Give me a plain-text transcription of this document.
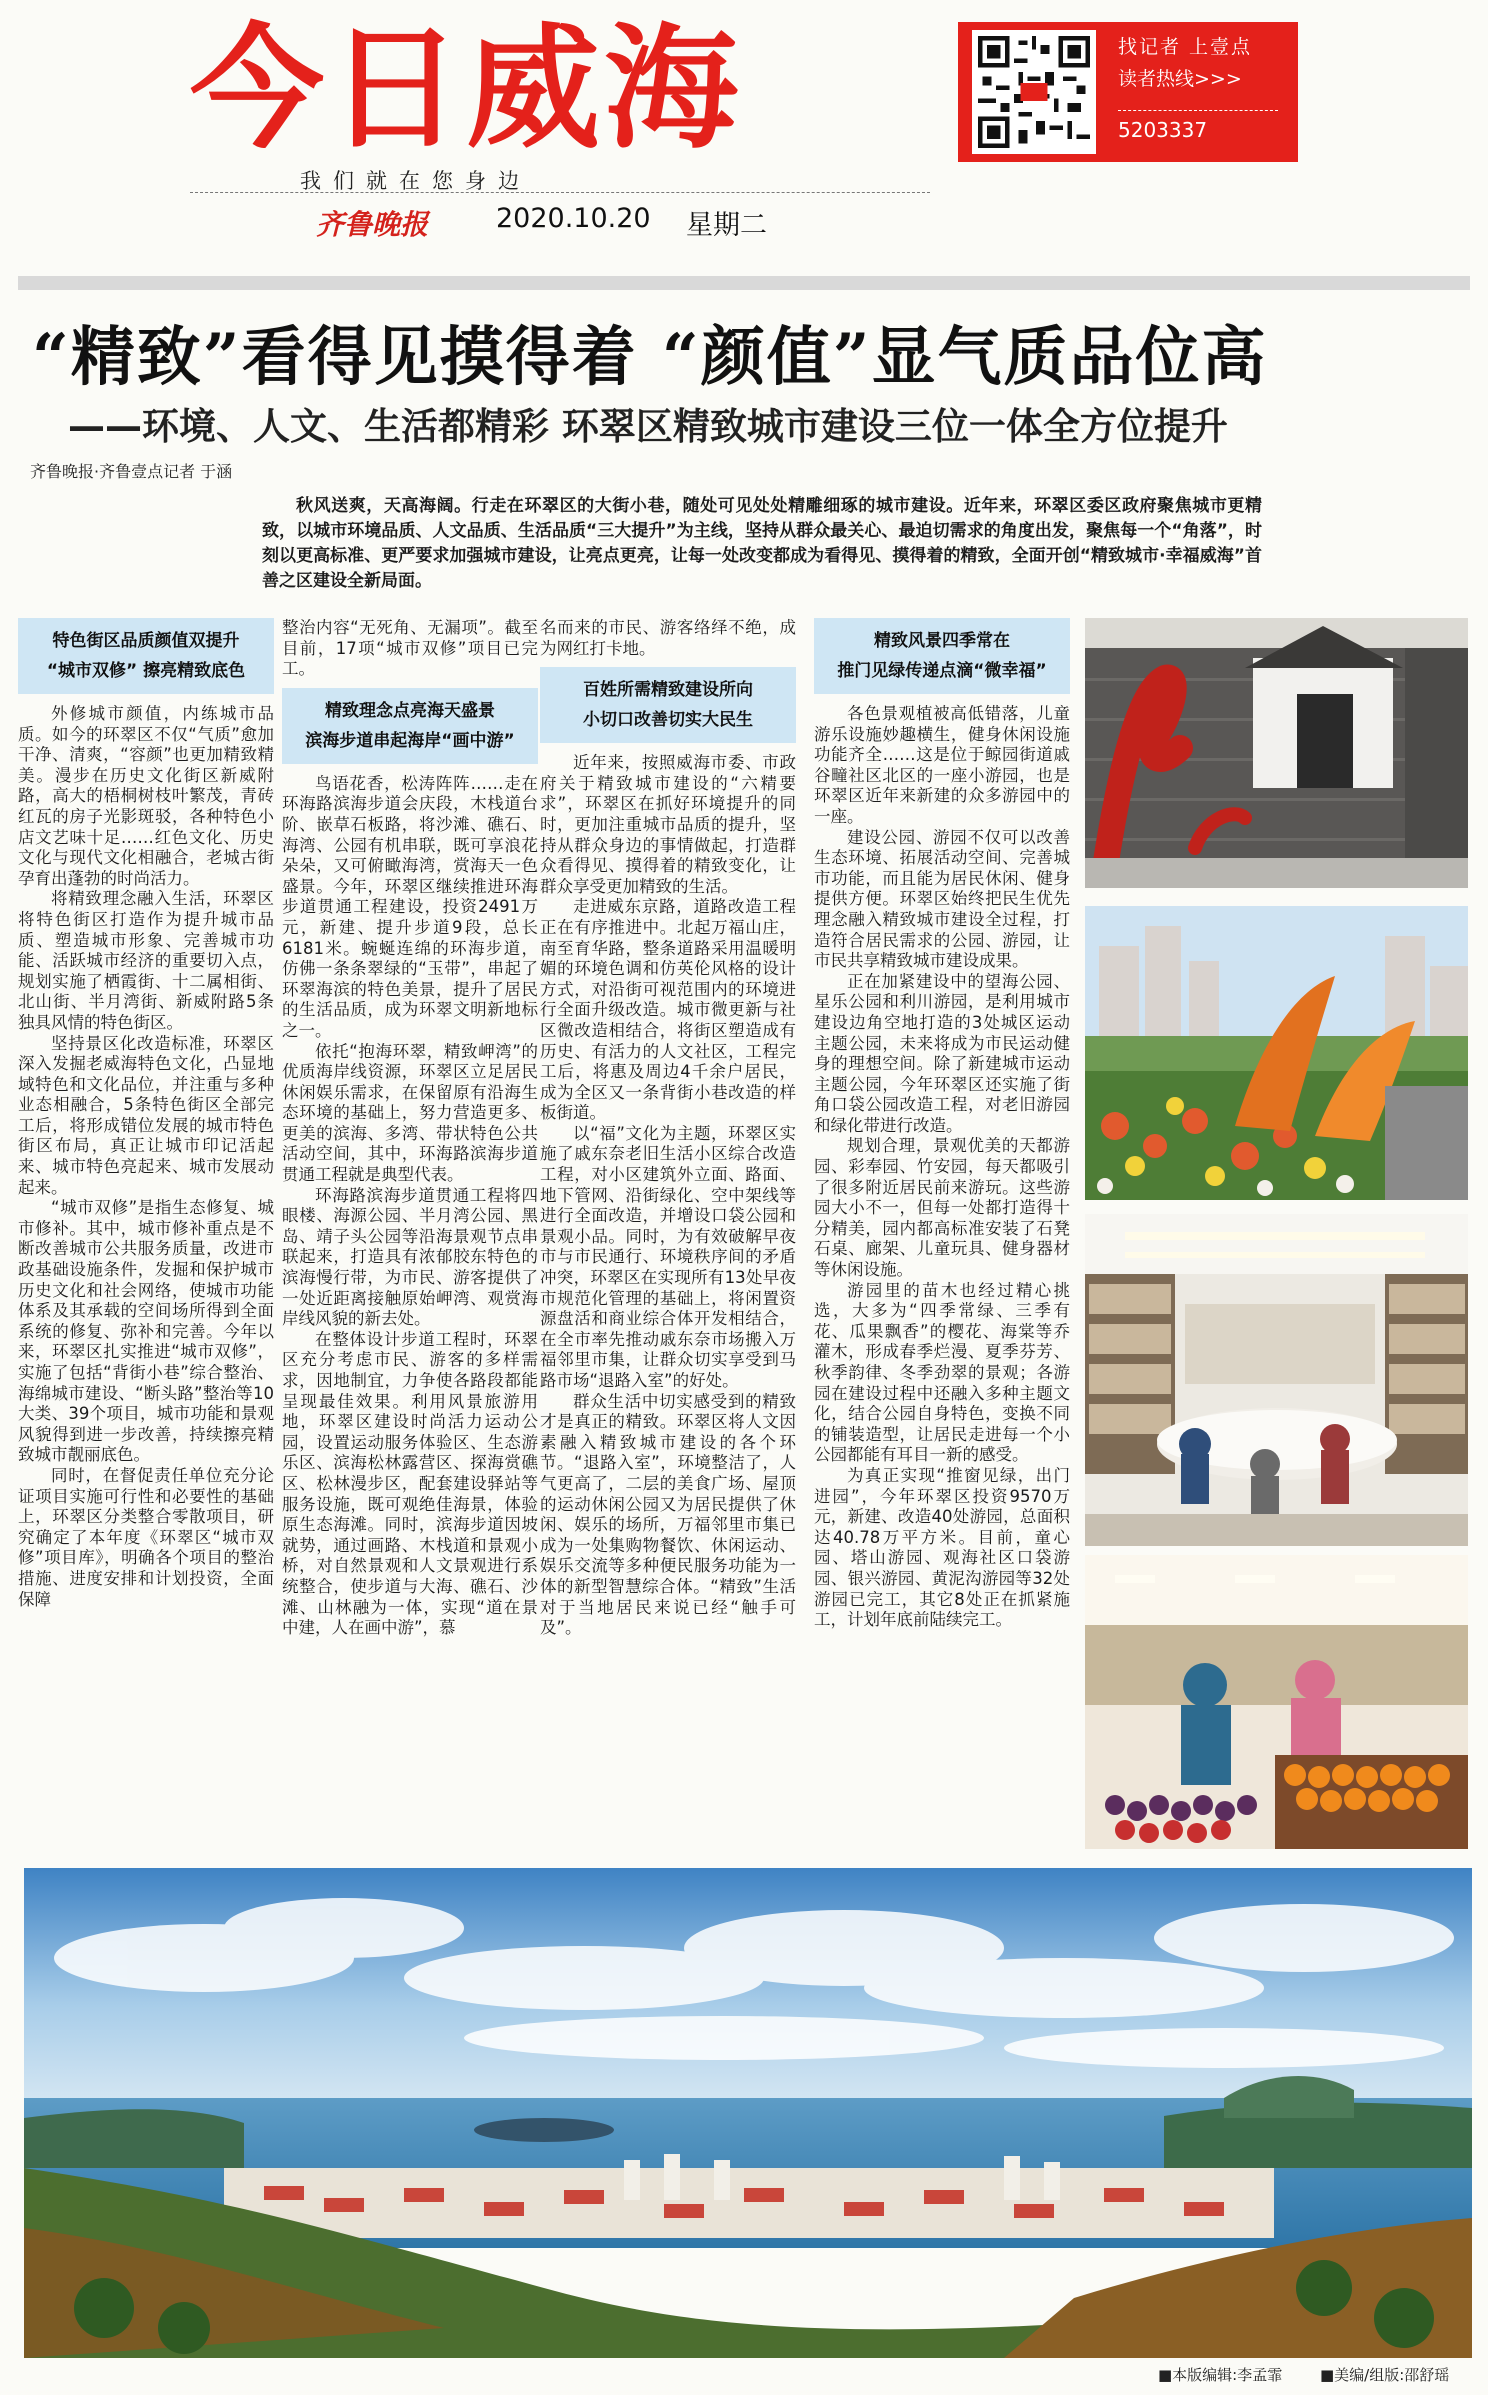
今日威海
我们就在您身边
齐鲁晚报	2020.10.20 星期二
找记者 上壹点
读者热线>>>
5203337
“精致”看得见摸得着 “颜值”显气质品位高
——环境、人文、生活都精彩 环翠区精致城市建设三位一体全方位提升
齐鲁晚报·齐鲁壹点记者 于涵

秋风送爽，天高海阔。行走在环翠区的大街小巷，随处可见处处精雕细琢的城市建设。近年来，环翠区委区政府聚焦城市更精致，以城市环境品质、人文品质、生活品质“三大提升”为主线，坚持从群众最关心、最迫切需求的角度出发，聚焦每一个“角落”，时刻以更高标准、更严要求加强城市建设，让亮点更亮，让每一处改变都成为看得见、摸得着的精致，全面开创“精致城市·幸福威海”首善之区建设全新局面。

特色街区品质颜值双提升
“城市双修” 擦亮精致底色

外修城市颜值，内练城市品质。如今的环翠区不仅“气质”愈加干净、清爽，“容颜”也更加精致精美。漫步在历史文化街区新威附路，高大的梧桐树枝叶繁茂，青砖红瓦的房子光影斑驳，各种特色小店文艺味十足……红色文化、历史文化与现代文化相融合，老城古街孕育出蓬勃的时尚活力。

将精致理念融入生活，环翠区将特色街区打造作为提升城市品质、塑造城市形象、完善城市功能、活跃城市经济的重要切入点，规划实施了栖霞街、十二属相街、北山街、半月湾街、新威附路5条独具风情的特色街区。

坚持景区化改造标准，环翠区深入发掘老威海特色文化，凸显地域特色和文化品位，并注重与多种业态相融合，5条特色街区全部完工后，将形成错位发展的城市特色街区布局，真正让城市印记活起来、城市特色亮起来、城市发展动起来。

“城市双修”是指生态修复、城市修补。其中，城市修补重点是不断改善城市公共服务质量，改进市政基础设施条件，发掘和保护城市历史文化和社会网络，使城市功能体系及其承载的空间场所得到全面系统的修复、弥补和完善。今年以来，环翠区扎实推进“城市双修”，实施了包括“背街小巷”综合整治、海绵城市建设、“断头路”整治等10大类、39个项目，城市功能和景观风貌得到进一步改善，持续擦亮精致城市靓丽底色。

同时，在督促责任单位充分论证项目实施可行性和必要性的基础上，环翠区分类整合零散项目，研究确定了本年度《环翠区“城市双修”项目库》，明确各个项目的整治措施、进度安排和计划投资，全面保障

整治内容“无死角、无漏项”。截至目前，17项“城市双修”项目已完工。

精致理念点亮海天盛景
滨海步道串起海岸“画中游”

鸟语花香，松涛阵阵……走在环海路滨海步道会庆段，木栈道台阶、嵌草石板路，将沙滩、礁石、海湾、公园有机串联，既可享浪花朵朵，又可俯瞰海湾，赏海天一色盛景。今年，环翠区继续推进环海步道贯通工程建设，投资2491万元，新建、提升步道9段，总长6181米。蜿蜒连绵的环海步道，仿佛一条条翠绿的“玉带”，串起了环翠海滨的特色美景，提升了居民的生活品质，成为环翠文明新地标之一。

依托“抱海环翠，精致岬湾”的优质海岸线资源，环翠区立足居民休闲娱乐需求，在保留原有沿海生态环境的基础上，努力营造更多、更美的滨海、多湾、带状特色公共活动空间，其中，环海路滨海步道贯通工程就是典型代表。

环海路滨海步道贯通工程将四眼楼、海源公园、半月湾公园、黑岛、靖子头公园等沿海景观节点串联起来，打造具有浓郁胶东特色的滨海慢行带，为市民、游客提供了一处近距离接触原始岬湾、观赏海岸线风貌的新去处。

在整体设计步道工程时，环翠区充分考虑市民、游客的多样需求，因地制宜，力争使各路段都能呈现最佳效果。利用风景旅游用地，环翠区建设时尚活力运动公园，设置运动服务体验区、生态游乐区、滨海松林露营区、探海赏礁区、松林漫步区，配套建设驿站等服务设施，既可观绝佳海景，体验原生态海滩。同时，滨海步道因坡就势，通过画路、木栈道和景观小桥，对自然景观和人文景观进行系统整合，使步道与大海、礁石、沙滩、山林融为一体，实现“道在景中建，人在画中游”，慕

名而来的市民、游客络绎不绝，成为网红打卡地。

百姓所需精致建设所向
小切口改善切实大民生

近年来，按照威海市委、市政府关于精致城市建设的“六精要求”，环翠区在抓好环境提升的同时，更加注重城市品质的提升，坚持从群众身边的事情做起，打造群众看得见、摸得着的精致变化，让群众享受更加精致的生活。

走进威东京路，道路改造工程正在有序推进中。北起万福山庄，南至育华路，整条道路采用温暖明媚的环境色调和仿英伦风格的设计方式，对沿街可视范围内的环境进行全面升级改造。城市微更新与社区微改造相结合，将街区塑造成有历史、有活力的人文社区，工程完工后，将惠及周边4千余户居民，成为全区又一条背街小巷改造的样板街道。

以“福”文化为主题，环翠区实施了戚东奈老旧生活小区综合改造工程，对小区建筑外立面、路面、地下管网、沿街绿化、空中架线等进行全面改造，并增设口袋公园和景观小品。同时，为有效破解早夜市与市民通行、环境秩序间的矛盾冲突，环翠区在实现所有13处早夜市规范化管理的基础上，将闲置资源盘活和商业综合体开发相结合，在全市率先推动戚东奈市场搬入万福邻里市集，让群众切实享受到马路市场“退路入室”的好处。

群众生活中切实感受到的精致才是真正的精致。环翠区将人文因素融入精致城市建设的各个环节。“退路入室”，环境整洁了，人气更高了，二层的美食广场、屋顶的运动休闲公园又为居民提供了休闲、娱乐的场所，万福邻里市集已成为一处集购物餐饮、休闲运动、娱乐交流等多种便民服务功能为一体的新型智慧综合体。“精致”生活对于当地居民来说已经“触手可及”。

精致风景四季常在
推门见绿传递点滴“微幸福”

各色景观植被高低错落，儿童游乐设施妙趣横生，健身休闲设施功能齐全……这是位于鲸园街道戚谷疃社区北区的一座小游园，也是环翠区近年来新建的众多游园中的一座。

建设公园、游园不仅可以改善生态环境、拓展活动空间、完善城市功能，而且能为居民休闲、健身提供方便。环翠区始终把民生优先理念融入精致城市建设全过程，打造符合居民需求的公园、游园，让市民共享精致城市建设成果。

正在加紧建设中的望海公园、星乐公园和利川游园，是利用城市建设边角空地打造的3处城区运动主题公园，未来将成为市民运动健身的理想空间。除了新建城市运动主题公园，今年环翠区还实施了街角口袋公园改造工程，对老旧游园和绿化带进行改造。

规划合理，景观优美的天都游园、彩奉园、竹安园，每天都吸引了很多附近居民前来游玩。这些游园大小不一，但每一处都打造得十分精美，园内都高标准安装了石凳石桌、廊架、儿童玩具、健身器材等休闲设施。

游园里的苗木也经过精心挑选，大多为“四季常绿、三季有花、瓜果飘香”的樱花、海棠等乔灌木，形成春季烂漫、夏季芬芳、秋季韵律、冬季劲翠的景观；各游园在建设过程中还融入多种主题文化，结合公园自身特色，变换不同的铺装造型，让居民走进每一个小公园都能有耳目一新的感受。

为真正实现“推窗见绿，出门进园”，今年环翠区投资9570万元，新建、改造40处游园，总面积达40.78万平方米。目前，童心园、塔山游园、观海社区口袋游园、银兴游园、黄泥沟游园等32处游园已完工，其它8处正在抓紧施工，计划年底前陆续完工。

■本版编辑:李孟霏	■美编/组版:邵舒瑶
